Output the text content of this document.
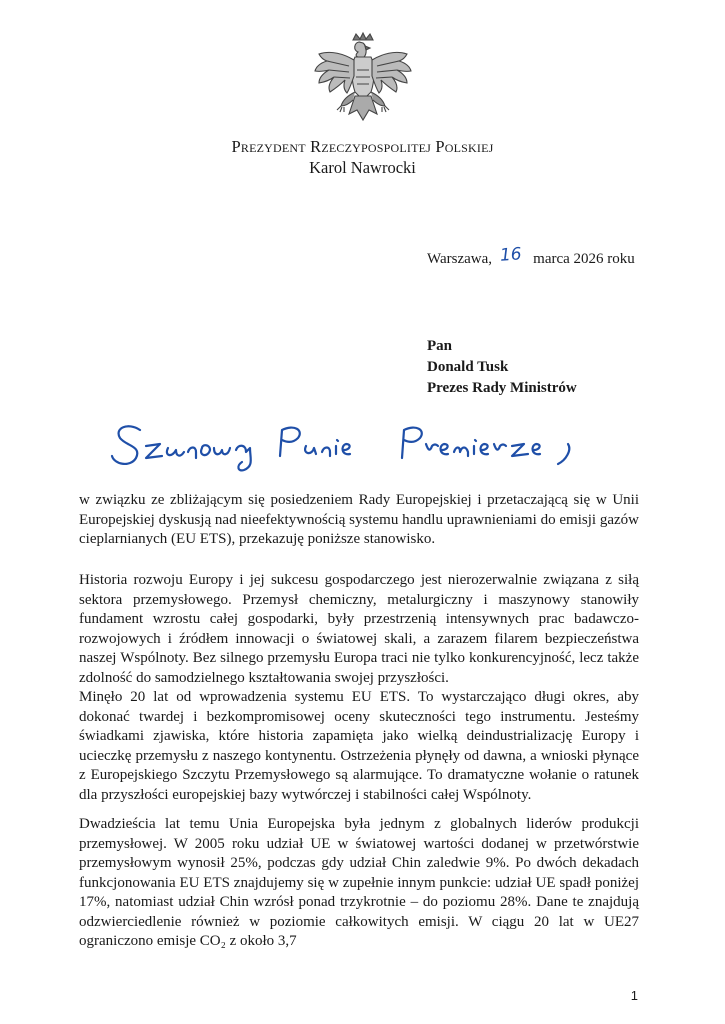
Prezydent Rzeczypospolitej Polskiej
Karol Nawrocki
Warszawa, 16 marca 2026 roku
Pan
Donald Tusk
Prezes Rady Ministrów

w związku ze zbliżającym się posiedzeniem Rady Europejskiej i przetaczającą się w Unii Europejskiej dyskusją nad nieefektywnością systemu handlu uprawnieniami do emisji gazów cieplarnianych (EU ETS), przekazuję poniższe stanowisko.

Historia rozwoju Europy i jej sukcesu gospodarczego jest nierozerwalnie związana z siłą sektora przemysłowego. Przemysł chemiczny, metalurgiczny i maszynowy stanowiły fundament wzrostu całej gospodarki, były przestrzenią intensywnych prac badawczo-rozwojowych i źródłem innowacji o światowej skali, a zarazem filarem bezpieczeństwa naszej Wspólnoty. Bez silnego przemysłu Europa traci nie tylko konkurencyjność, lecz także zdolność do samodzielnego kształtowania swojej przyszłości.

Minęło 20 lat od wprowadzenia systemu EU ETS. To wystarczająco długi okres, aby dokonać twardej i bezkompromisowej oceny skuteczności tego instrumentu. Jesteśmy świadkami zjawiska, które historia zapamięta jako wielką deindustrializację Europy i ucieczkę przemysłu z naszego kontynentu. Ostrzeżenia płynęły od dawna, a wnioski płynące z Europejskiego Szczytu Przemysłowego są alarmujące. To dramatyczne wołanie o ratunek dla przyszłości europejskiej bazy wytwórczej i stabilności całej Wspólnoty.

Dwadzieścia lat temu Unia Europejska była jednym z globalnych liderów produkcji przemysłowej. W 2005 roku udział UE w światowej wartości dodanej w przetwórstwie przemysłowym wynosił 25%, podczas gdy udział Chin zaledwie 9%. Po dwóch dekadach funkcjonowania EU ETS znajdujemy się w zupełnie innym punkcie: udział UE spadł poniżej 17%, natomiast udział Chin wzrósł ponad trzykrotnie – do poziomu 28%. Dane te znajdują odzwierciedlenie również w poziomie całkowitych emisji. W ciągu 20 lat w UE27 ograniczono emisje CO₂ z około 3,7

1
